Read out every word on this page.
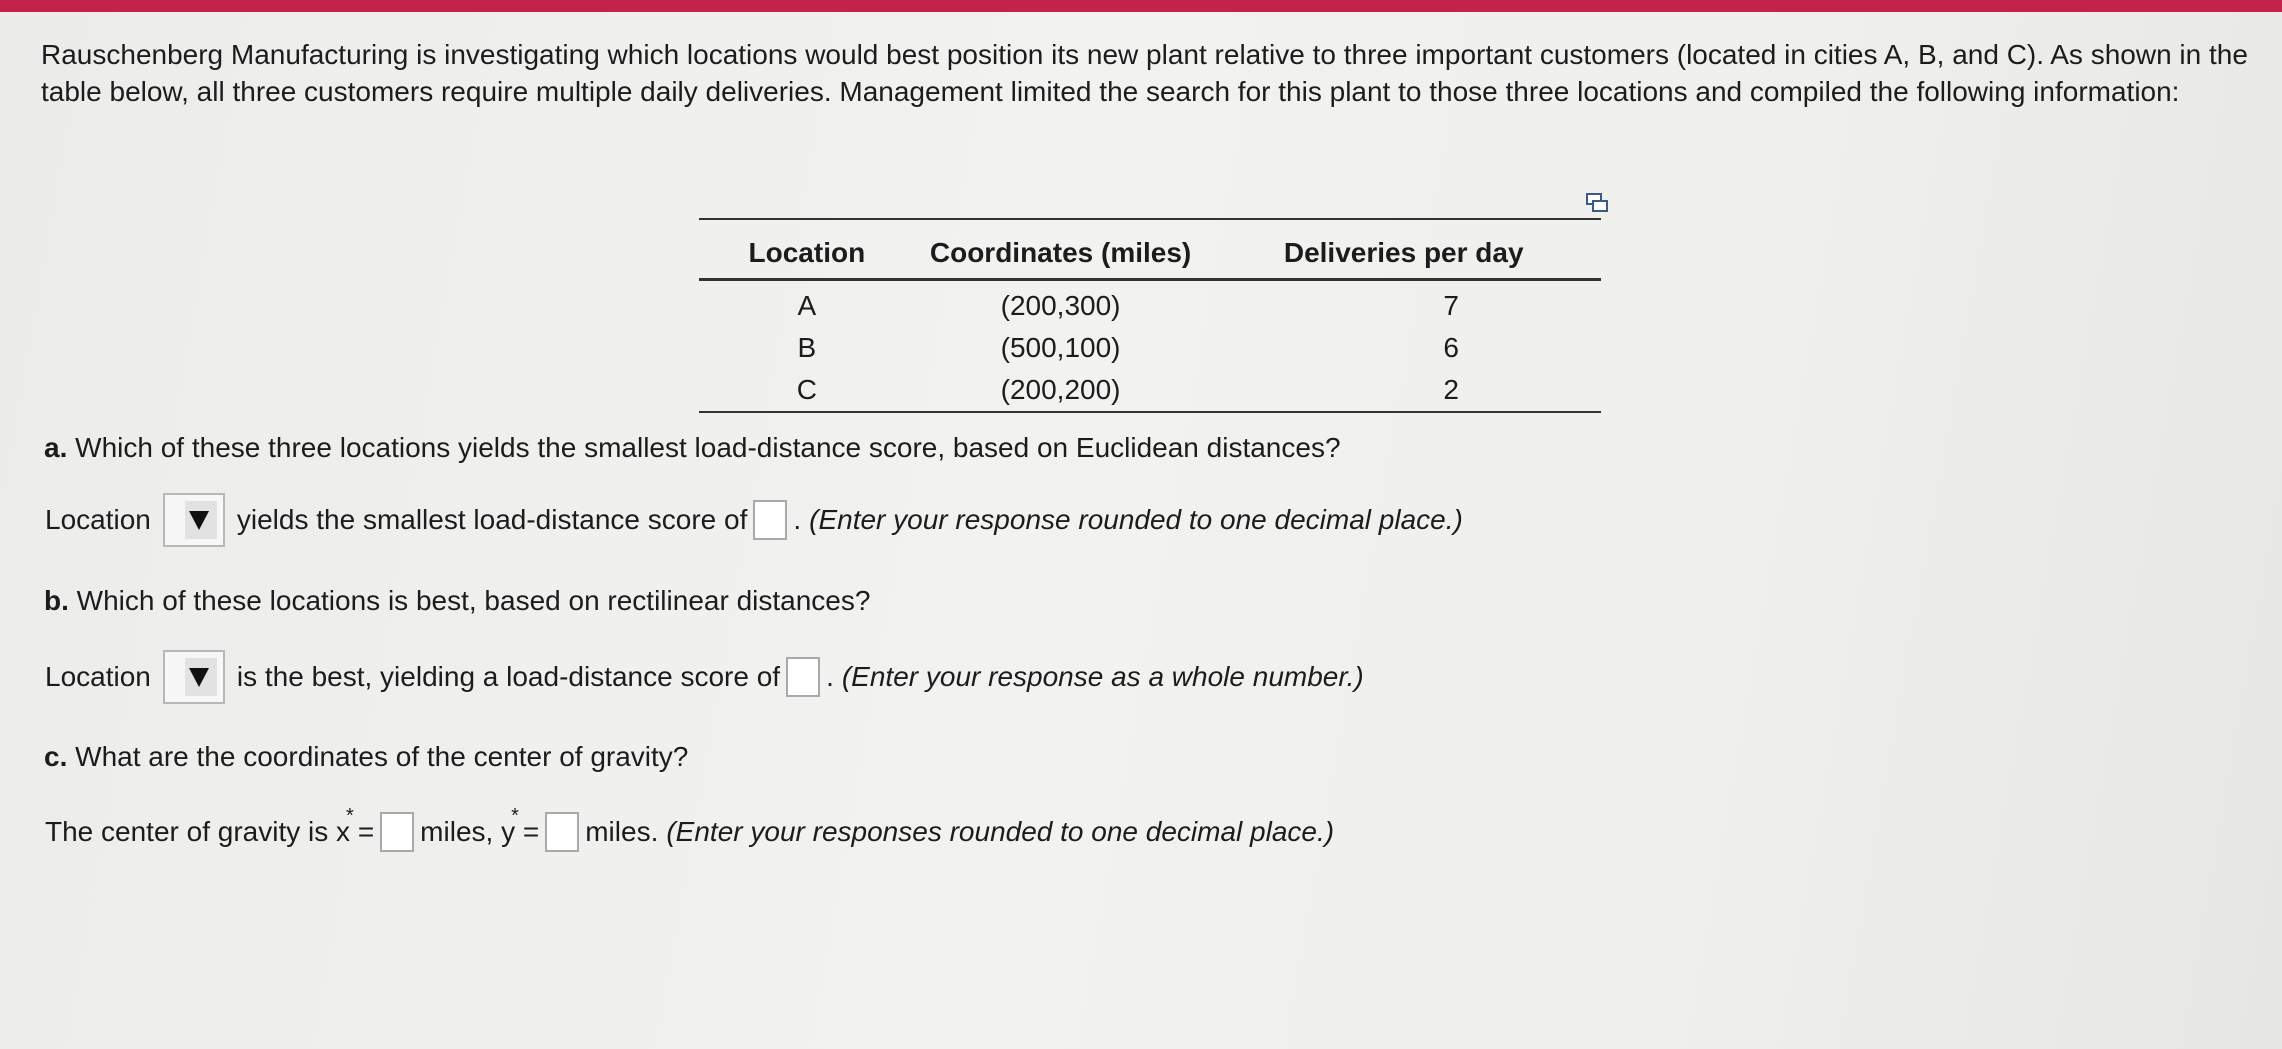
Rauschenberg Manufacturing is investigating which locations would best position its new plant relative to three important customers (located in cities A, B, and C). As shown in the table below, all three customers require multiple daily deliveries. Management limited the search for this plant to those three locations and compiled the following information:

Location	Coordinates (miles)	Deliveries per day
A	(200,300)	7
B	(500,100)	6
C	(200,200)	2

a. Which of these three locations yields the smallest load-distance score, based on Euclidean distances?

Location	yields the smallest load-distance score of . (Enter your response rounded to one decimal place.)

b. Which of these locations is best, based on rectilinear distances?

Location	is the best, yielding a load-distance score of . (Enter your response as a whole number.)

c. What are the coordinates of the center of gravity?

The center of gravity is x
*
= miles, y
*
= miles. (Enter your responses rounded to one decimal place.)
